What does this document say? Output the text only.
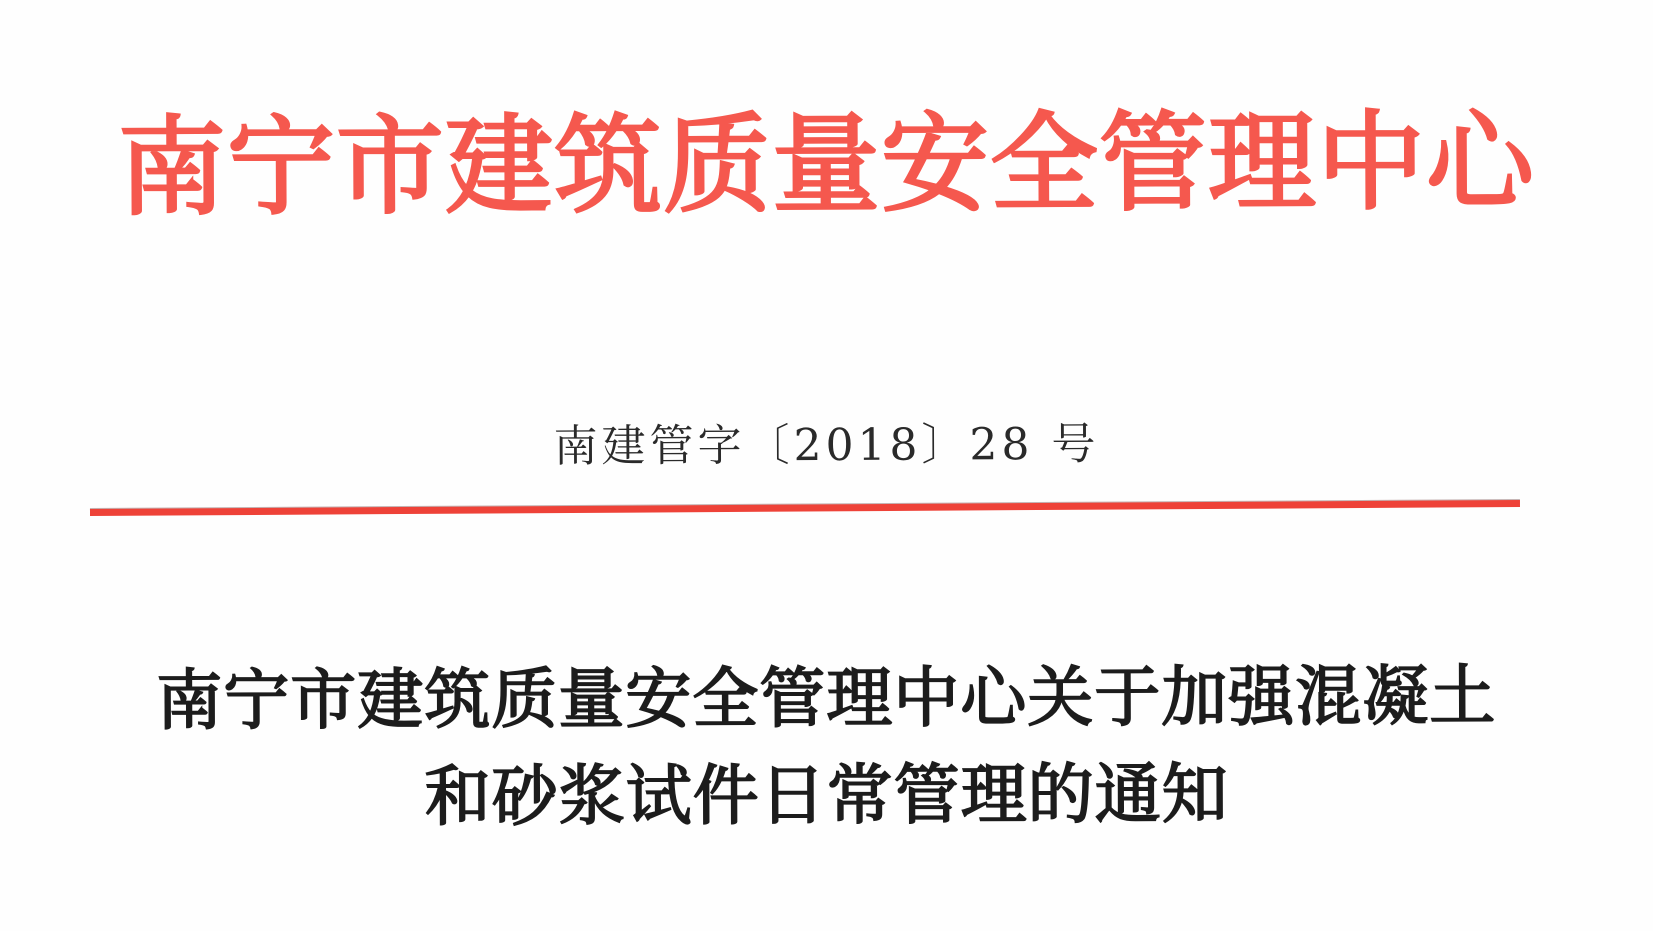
南宁市建筑质量安全管理中心
南建管字〔2018〕28 号
南宁市建筑质量安全管理中心关于加强混凝土
和砂浆试件日常管理的通知
